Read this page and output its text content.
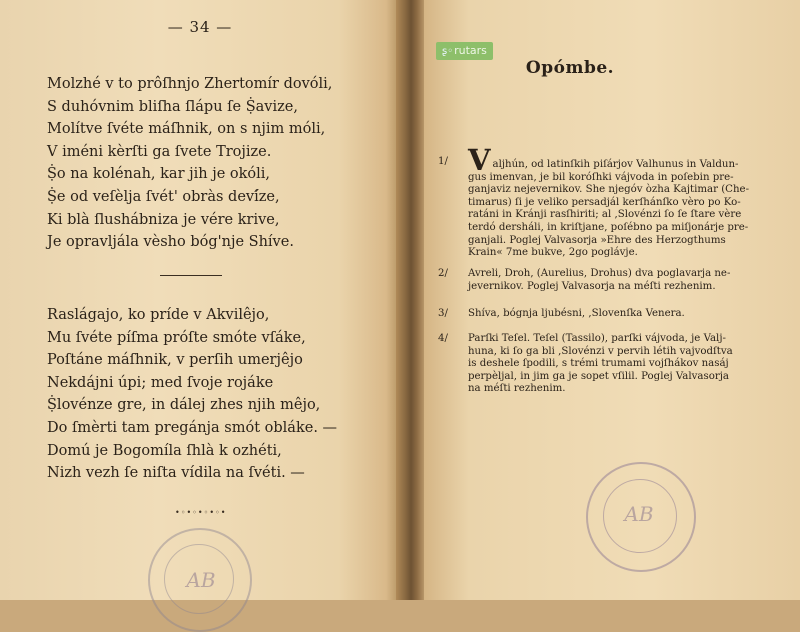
— 34 —
Molzhé v to prôſhnjo Zhertomír dovóli,
S duhóvnim bliſha ſlápu ſe Ṩavize,
Molítve ſvéte máſhnik, on s njim móli,
V iméni kèrſti ga ſvete Trojize.
Ṩo na kolénah, kar jih je okóli,
Ṩe od veſèlja ſvét' obràs deví́ze,
Ki blà ſlushábniza je vére krive,
Je opravljála vèsho bóg'nje Shíve.
Raslágajo, ko príde v Akvilêjo,
Mu ſvéte píſma próſte smóte vſáke,
Poſtáne máſhnik, v perſih umerjêjo
Nekdájni úpi; med ſvoje rojáke
Ṩlovénze gre, in dálej zhes njih mêjo,
Do ſmèrti tam pregánja smót obláke. —
Domú je Bogomíla ſhlà k ozhéti,
Nizh vezh ſe niſta vídila na ſvéti. —
•◦•◦•◦•◦•
AB
ʂ◦rutars
Opómbe.
1/ Valjhún, od latinſkih piſárjov Valhunus in Valdun-
gus imenvan, je bil koróſhki vájvoda in poſebin pre-
ganjaviz nejevernikov. She njegóv òzha Kajtimar (Che-
timarus) ſi je veliko persadjál kerſhánſko vèro po Ko-
ratáni in Kránji rasſhiriti; al ,Slovénzi ſo ſe ſtare vère
terdó dersháli, in kriſtjane, poſébno pa miſjonárje pre-
ganjali. Poglej Valvasorja »Ehre des Herzogthums
Krain« 7me bukve, 2go poglávje.
2/	Avreli, Droh, (Aurelius, Drohus) dva poglavarja ne-
jevernikov. Poglej Valvasorja na méſti rezhenim.
3/	Shíva, bógnja ljubésni, ,Slovenſka Venera.
4/	Parſki Teſel. Teſel (Tassilo), parſki vájvoda, je Valj-
huna, ki ſo ga bli ,Slovénzi v pervih létih vajvodſtva
is deshele ſpodili, s trémi trumami vojſhákov nasáj
perpèljal, in jim ga je sopet vſilil. Poglej Valvasorja
na méſti rezhenim.
AB
